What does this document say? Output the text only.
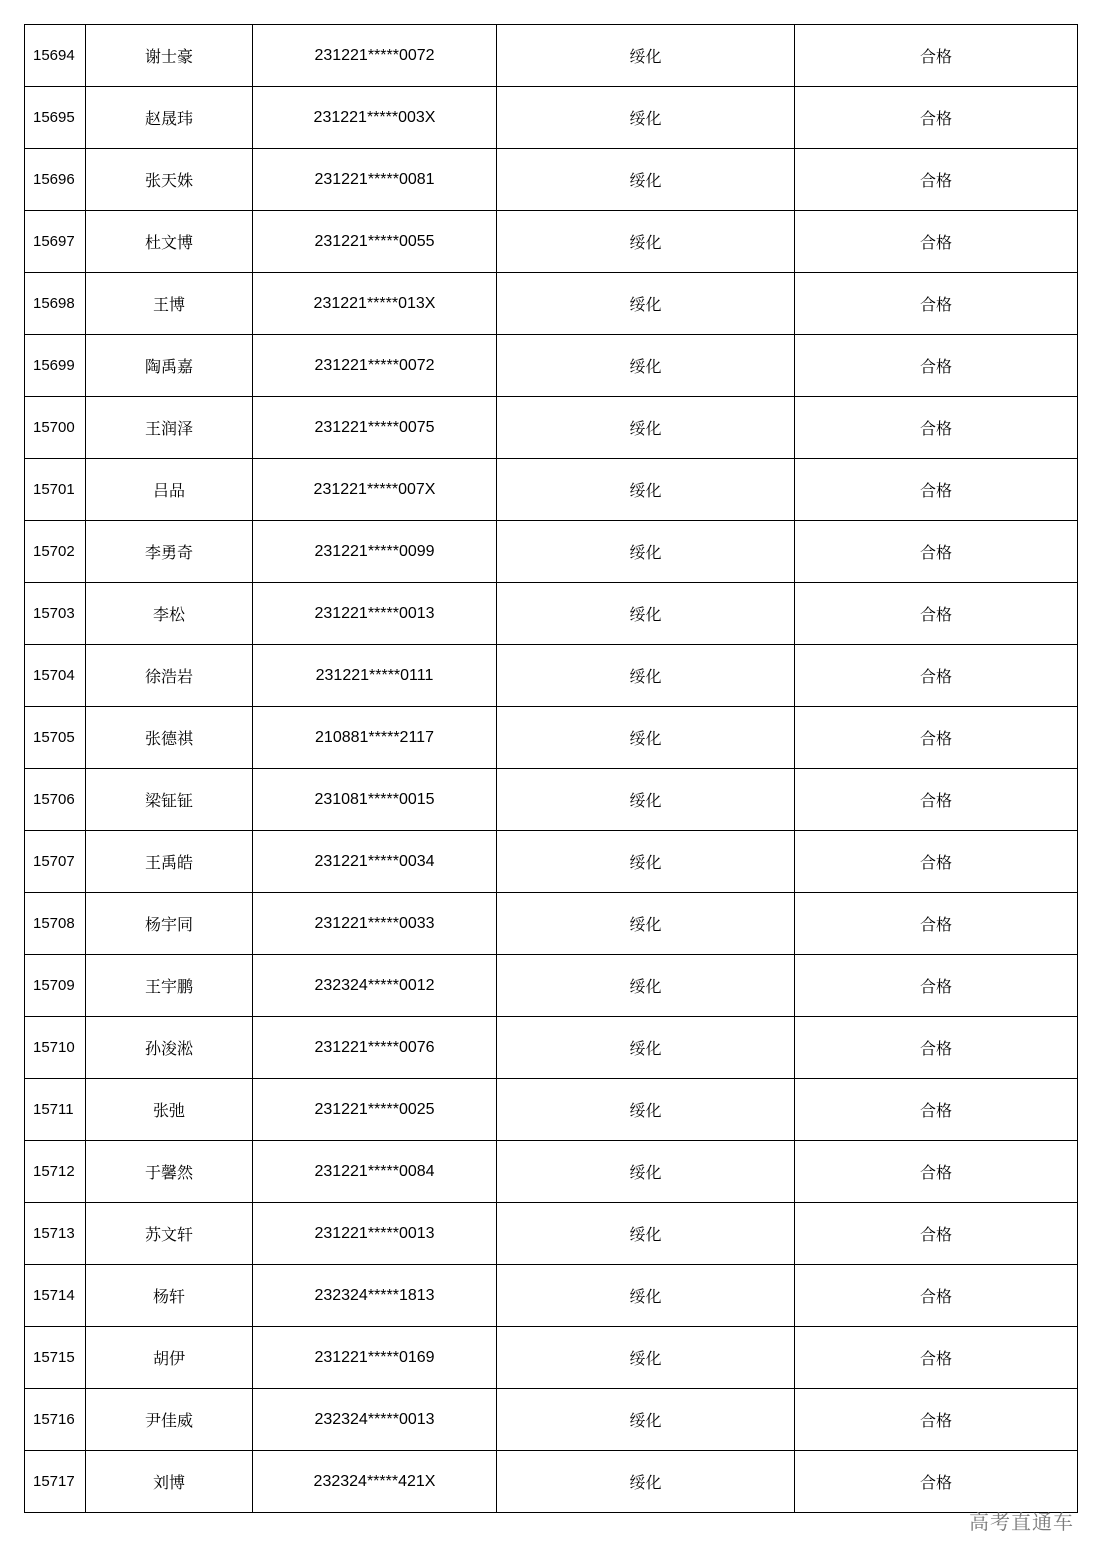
15694	谢士豪	231221*****0072	绥化	合格
15695	赵晟玮	231221*****003X	绥化	合格
15696	张天姝	231221*****0081	绥化	合格
15697	杜文博	231221*****0055	绥化	合格
15698	王博	231221*****013X	绥化	合格
15699	陶禹嘉	231221*****0072	绥化	合格
15700	王润泽	231221*****0075	绥化	合格
15701	吕品	231221*****007X	绥化	合格
15702	李勇奇	231221*****0099	绥化	合格
15703	李松	231221*****0013	绥化	合格
15704	徐浩岩	231221*****0111	绥化	合格
15705	张德祺	210881*****2117	绥化	合格
15706	梁钲钲	231081*****0015	绥化	合格
15707	王禹皓	231221*****0034	绥化	合格
15708	杨宇同	231221*****0033	绥化	合格
15709	王宇鹏	232324*****0012	绥化	合格
15710	孙浚淞	231221*****0076	绥化	合格
15711	张弛	231221*****0025	绥化	合格
15712	于馨然	231221*****0084	绥化	合格
15713	苏文轩	231221*****0013	绥化	合格
15714	杨轩	232324*****1813	绥化	合格
15715	胡伊	231221*****0169	绥化	合格
15716	尹佳威	232324*****0013	绥化	合格
15717	刘博	232324*****421X	绥化	合格
高考直通车
